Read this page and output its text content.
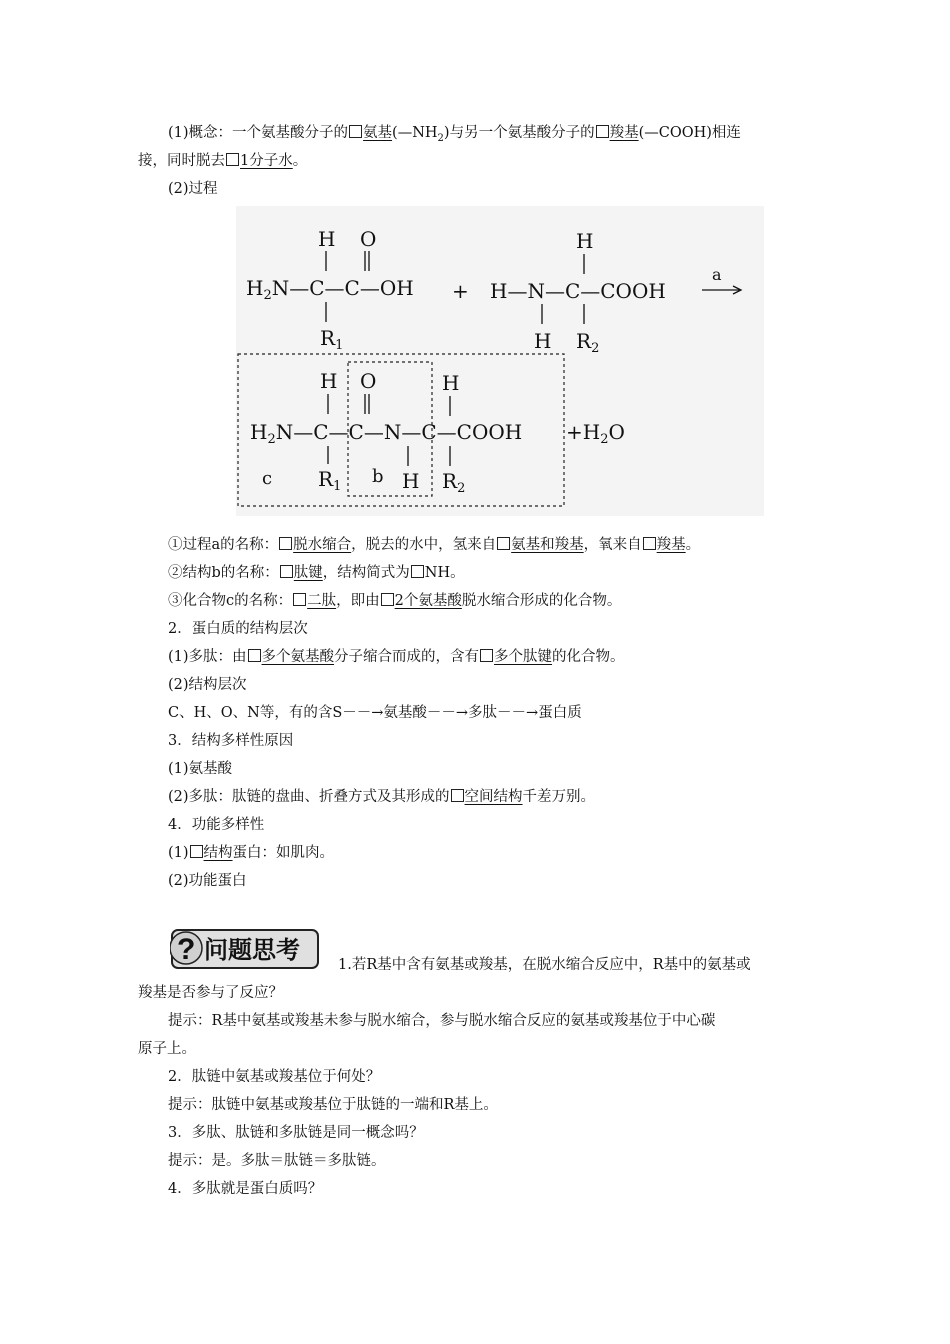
(1)概念：一个氨基酸分子的 氨基$(—NH_2)$与另一个氨基酸分子的 羧基(—COOH)相连
接，同时脱去 1分子水。
(2)过程
H O
$H_2N—C—C—OH$
$R_1$
+
H
H—N—C—COOH
H $R_2$
a
H O	H
$H_2N—C—C—N—C—COOH +H_2O$
c $R_1$ b H $R_2$
①过程a的名称： 脱水缩合，脱去的水中，氢来自 氨基和羧基，氧来自 羧基。
②结构b的名称： 肽键，结构简式为 NH。
③化合物c的名称： 二肽，即由 2个氨基酸脱水缩合形成的化合物。
2．蛋白质的结构层次
(1)多肽：由 多个氨基酸分子缩合而成的，含有 多个肽键的化合物。
(2)结构层次
C、H、O、N等，有的含S－－→氨基酸－－→多肽－－→蛋白质
3．结构多样性原因
(1)氨基酸
(2)多肽：肽链的盘曲、折叠方式及其形成的 空间结构千差万别。
4．功能多样性
(1) 结构蛋白：如肌肉。
(2)功能蛋白
? 问题思考
1.若R基中含有氨基或羧基，在脱水缩合反应中，R基中的氨基或
羧基是否参与了反应？
提示：R基中氨基或羧基未参与脱水缩合，参与脱水缩合反应的氨基或羧基位于中心碳
原子上。
2．肽链中氨基或羧基位于何处？
提示：肽链中氨基或羧基位于肽链的一端和R基上。
3．多肽、肽链和多肽链是同一概念吗？
提示：是。多肽＝肽链＝多肽链。
4．多肽就是蛋白质吗？
